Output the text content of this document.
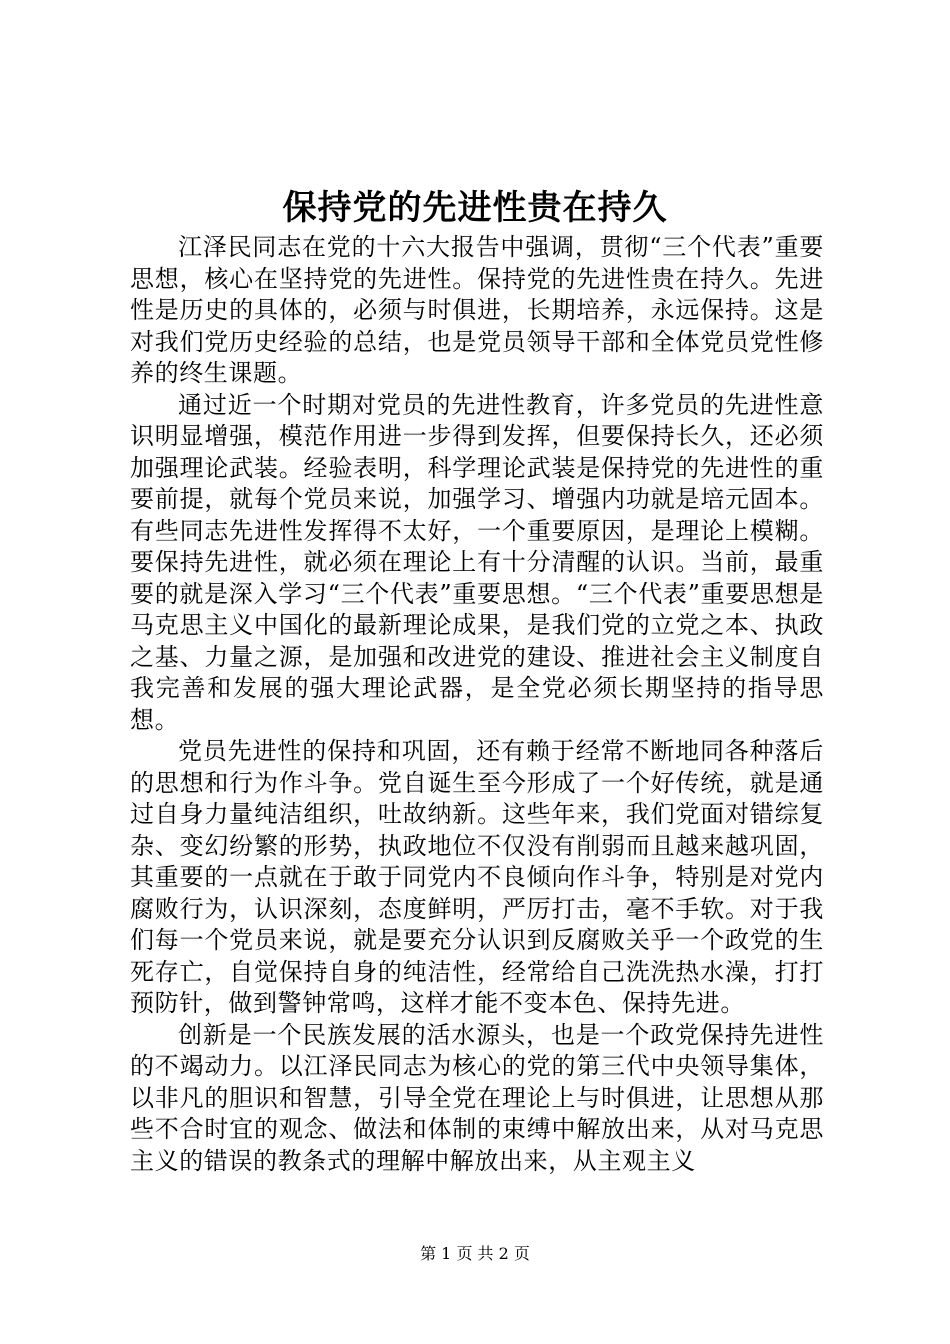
保持党的先进性贵在持久

江泽民同志在党的十六大报告中强调，贯彻“三个代表”重要思想，核心在坚持党的先进性。保持党的先进性贵在持久。先进性是历史的具体的，必须与时俱进，长期培养，永远保持。这是对我们党历史经验的总结，也是党员领导干部和全体党员党性修养的终生课题。

通过近一个时期对党员的先进性教育，许多党员的先进性意识明显增强，模范作用进一步得到发挥，但要保持长久，还必须加强理论武装。经验表明，科学理论武装是保持党的先进性的重要前提，就每个党员来说，加强学习、增强内功就是培元固本。有些同志先进性发挥得不太好，一个重要原因，是理论上模糊。要保持先进性，就必须在理论上有十分清醒的认识。当前，最重要的就是深入学习“三个代表”重要思想。“三个代表”重要思想是马克思主义中国化的最新理论成果，是我们党的立党之本、执政之基、力量之源，是加强和改进党的建设、推进社会主义制度自我完善和发展的强大理论武器，是全党必须长期坚持的指导思想。

党员先进性的保持和巩固，还有赖于经常不断地同各种落后的思想和行为作斗争。党自诞生至今形成了一个好传统，就是通过自身力量纯洁组织，吐故纳新。这些年来，我们党面对错综复杂、变幻纷繁的形势，执政地位不仅没有削弱而且越来越巩固，其重要的一点就在于敢于同党内不良倾向作斗争，特别是对党内腐败行为，认识深刻，态度鲜明，严厉打击，毫不手软。对于我们每一个党员来说，就是要充分认识到反腐败关乎一个政党的生死存亡，自觉保持自身的纯洁性，经常给自己洗洗热水澡，打打预防针，做到警钟常鸣，这样才能不变本色、保持先进。

创新是一个民族发展的活水源头，也是一个政党保持先进性的不竭动力。以江泽民同志为核心的党的第三代中央领导集体，以非凡的胆识和智慧，引导全党在理论上与时俱进，让思想从那些不合时宜的观念、做法和体制的束缚中解放出来，从对马克思主义的错误的教条式的理解中解放出来，从主观主义

第 1 页 共 2 页
